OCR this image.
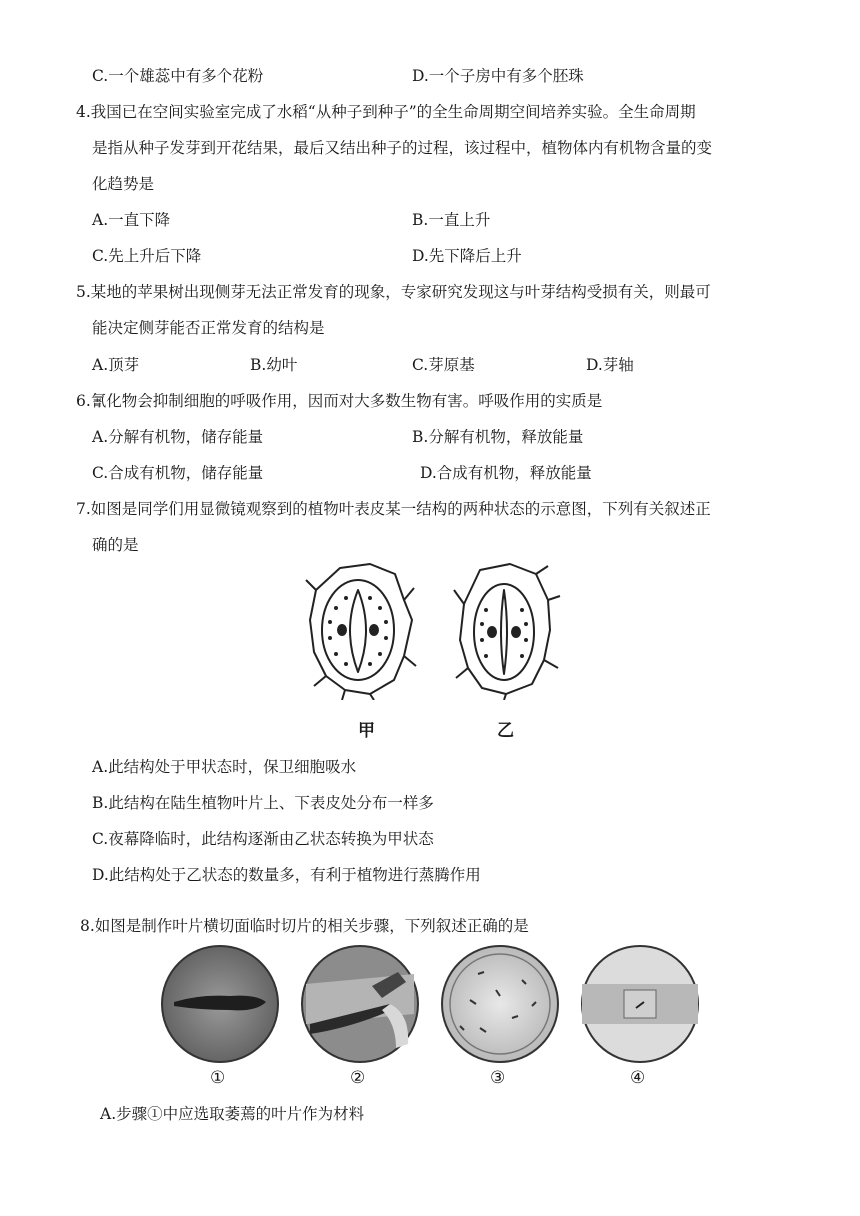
C.一个雄蕊中有多个花粉	D.一个子房中有多个胚珠
4.我国已在空间实验室完成了水稻“从种子到种子”的全生命周期空间培养实验。全生命周期
是指从种子发芽到开花结果，最后又结出种子的过程，该过程中，植物体内有机物含量的变
化趋势是
A.一直下降	B.一直上升
C.先上升后下降	D.先下降后上升
5.某地的苹果树出现侧芽无法正常发育的现象，专家研究发现这与叶芽结构受损有关，则最可
能决定侧芽能否正常发育的结构是
A.顶芽	B.幼叶	C.芽原基	D.芽轴
6.氰化物会抑制细胞的呼吸作用，因而对大多数生物有害。呼吸作用的实质是
A.分解有机物，储存能量	B.分解有机物，释放能量
C.合成有机物，储存能量	D.合成有机物，释放能量
7.如图是同学们用显微镜观察到的植物叶表皮某一结构的两种状态的示意图，下列有关叙述正
确的是
甲	乙
A.此结构处于甲状态时，保卫细胞吸水
B.此结构在陆生植物叶片上、下表皮处分布一样多
C.夜幕降临时，此结构逐渐由乙状态转换为甲状态
D.此结构处于乙状态的数量多，有利于植物进行蒸腾作用
8.如图是制作叶片横切面临时切片的相关步骤，下列叙述正确的是
①	②	③	④
A.步骤①中应选取萎蔫的叶片作为材料
